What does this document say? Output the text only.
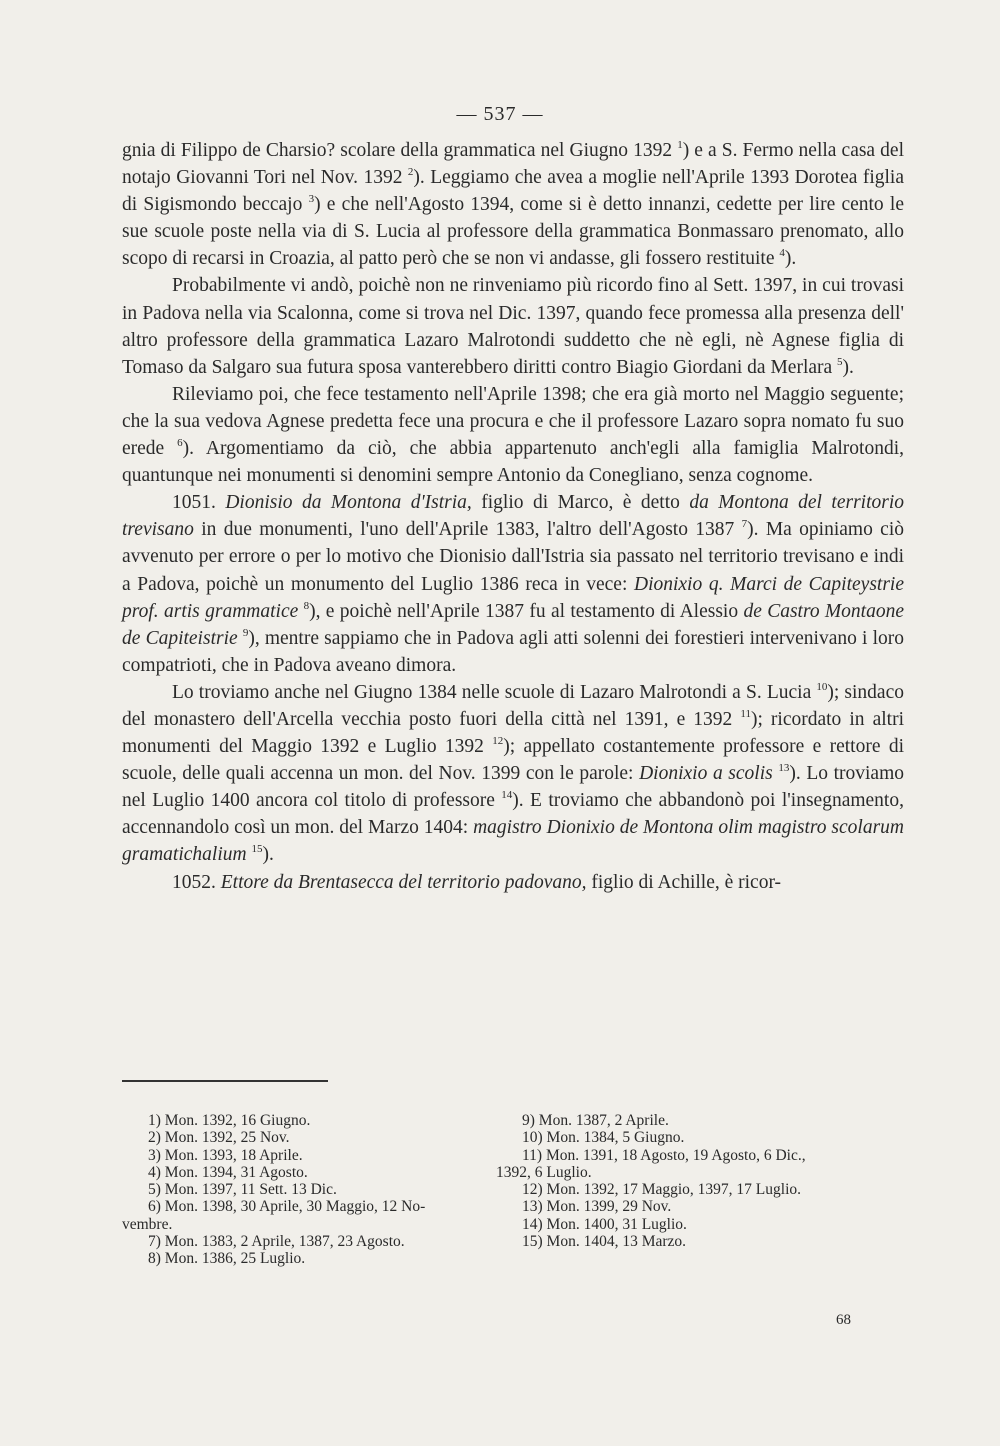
— 537 —

gnia di Filippo de Charsio? scolare della grammatica nel Giugno 1392 $^1$) e a S. Fermo nella casa del notajo Giovanni Tori nel Nov. 1392 $^2$). Leggiamo che avea a moglie nell'Aprile 1393 Dorotea figlia di Sigismondo beccajo $^3$) e che nell'Agosto 1394, come si è detto innanzi, cedette per lire cento le sue scuole poste nella via di S. Lucia al professore della grammatica Bonmassaro prenomato, allo scopo di recarsi in Croazia, al patto però che se non vi andasse, gli fossero restituite $^4$).

Probabilmente vi andò, poichè non ne rinveniamo più ricordo fino al Sett. 1397, in cui trovasi in Padova nella via Scalonna, come si trova nel Dic. 1397, quando fece promessa alla presenza dell' altro professore della grammatica Lazaro Malrotondi suddetto che nè egli, nè Agnese figlia di Tomaso da Salgaro sua futura sposa vanterebbero diritti contro Biagio Giordani da Merlara $^5$).

Rileviamo poi, che fece testamento nell'Aprile 1398; che era già morto nel Maggio seguente; che la sua vedova Agnese predetta fece una procura e che il professore Lazaro sopra nomato fu suo erede $^6$). Argomentiamo da ciò, che abbia appartenuto anch'egli alla famiglia Malrotondi, quantunque nei monumenti si denomini sempre Antonio da Conegliano, senza cognome.

1051. Dionisio da Montona d'Istria, figlio di Marco, è detto da Montona del territorio trevisano in due monumenti, l'uno dell'Aprile 1383, l'altro dell'Agosto 1387 $^7$). Ma opiniamo ciò avvenuto per errore o per lo motivo che Dionisio dall'Istria sia passato nel territorio trevisano e indi a Padova, poichè un monumento del Luglio 1386 reca in vece: Dionixio q. Marci de Capiteystrie prof. artis grammatice $^8$), e poichè nell'Aprile 1387 fu al testamento di Alessio de Castro Montaone de Capiteistrie $^9$), mentre sappiamo che in Padova agli atti solenni dei forestieri intervenivano i loro compatrioti, che in Padova aveano dimora.

Lo troviamo anche nel Giugno 1384 nelle scuole di Lazaro Malrotondi a S. Lucia $^{10}$); sindaco del monastero dell'Arcella vecchia posto fuori della città nel 1391, e 1392 $^{11}$); ricordato in altri monumenti del Maggio 1392 e Luglio 1392 $^{12}$); appellato costantemente professore e rettore di scuole, delle quali accenna un mon. del Nov. 1399 con le parole: Dionixio a scolis $^{13}$). Lo troviamo nel Luglio 1400 ancora col titolo di professore $^{14}$). E troviamo che abbandonò poi l'insegnamento, accennandolo così un mon. del Marzo 1404: magistro Dionixio de Montona olim magistro scolarum gramatichalium $^{15}$).

1052. Ettore da Brentasecca del territorio padovano, figlio di Achille, è ricor-

1) Mon. 1392, 16 Giugno.
2) Mon. 1392, 25 Nov.
3) Mon. 1393, 18 Aprile.
4) Mon. 1394, 31 Agosto.
5) Mon. 1397, 11 Sett. 13 Dic.
6) Mon. 1398, 30 Aprile, 30 Maggio, 12 No-
vembre.
7) Mon. 1383, 2 Aprile, 1387, 23 Agosto.
8) Mon. 1386, 25 Luglio.
9) Mon. 1387, 2 Aprile.
10) Mon. 1384, 5 Giugno.
11) Mon. 1391, 18 Agosto, 19 Agosto, 6 Dic.,
1392, 6 Luglio.
12) Mon. 1392, 17 Maggio, 1397, 17 Luglio.
13) Mon. 1399, 29 Nov.
14) Mon. 1400, 31 Luglio.
15) Mon. 1404, 13 Marzo.
68
